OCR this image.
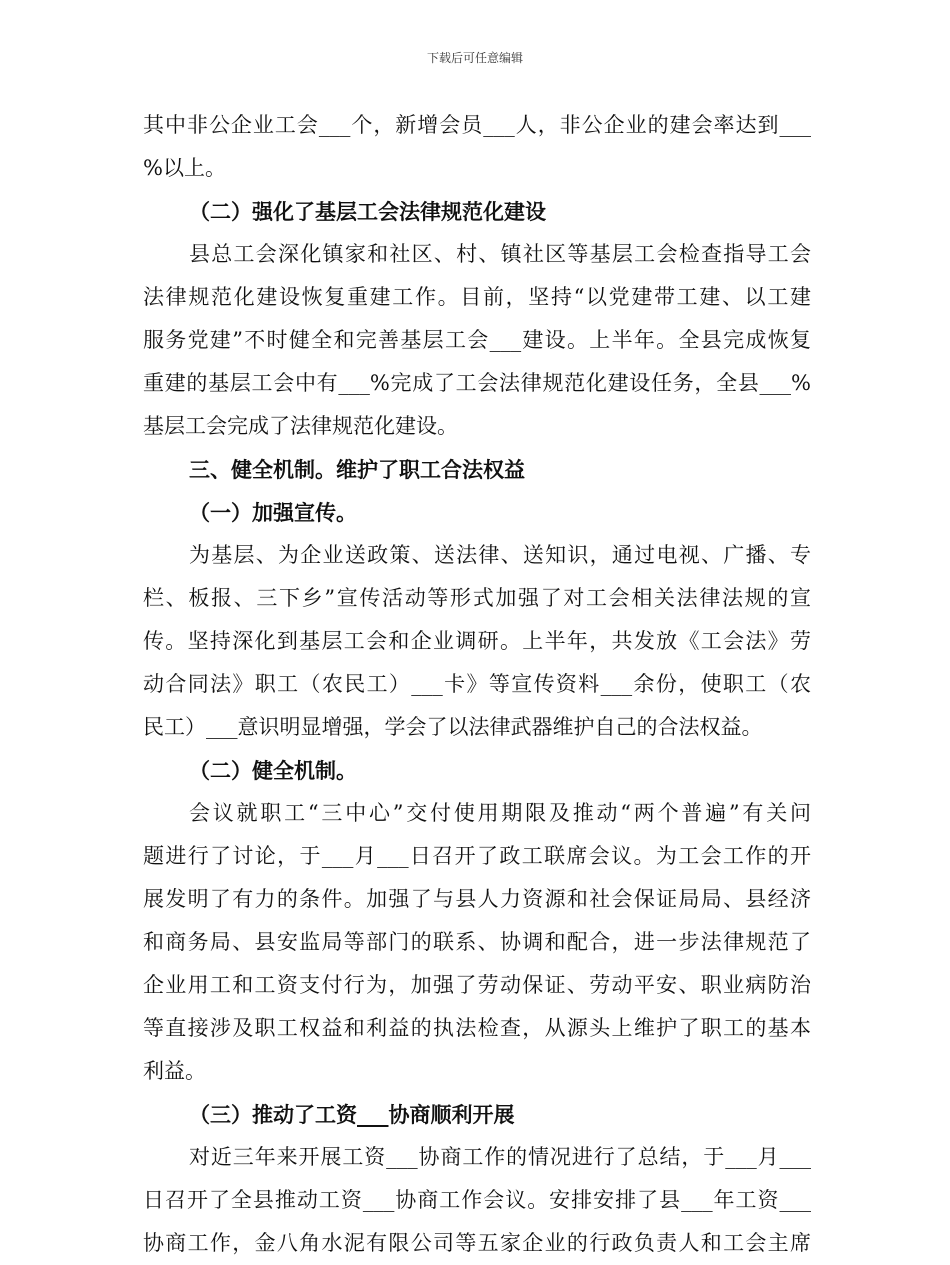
下载后可任意编辑
其中非公企业工会___个，新增会员___人，非公企业的建会率达到___
%以上。
（二）强化了基层工会法律规范化建设
县总工会深化镇家和社区、村、镇社区等基层工会检查指导工会
法律规范化建设恢复重建工作。目前，坚持“以党建带工建、以工建
服务党建”不时健全和完善基层工会___建设。上半年。全县完成恢复
重建的基层工会中有___%完成了工会法律规范化建设任务，全县___%
基层工会完成了法律规范化建设。
三、健全机制。维护了职工合法权益
（一）加强宣传。
为基层、为企业送政策、送法律、送知识，通过电视、广播、专
栏、板报、三下乡”宣传活动等形式加强了对工会相关法律法规的宣
传。坚持深化到基层工会和企业调研。上半年，共发放《工会法》劳
动合同法》职工（农民工）___卡》等宣传资料___余份，使职工（农
民工）___意识明显增强，学会了以法律武器维护自己的合法权益。
（二）健全机制。
会议就职工“三中心”交付使用期限及推动“两个普遍”有关问
题进行了讨论，于___月___日召开了政工联席会议。为工会工作的开
展发明了有力的条件。加强了与县人力资源和社会保证局局、县经济
和商务局、县安监局等部门的联系、协调和配合，进一步法律规范了
企业用工和工资支付行为，加强了劳动保证、劳动平安、职业病防治
等直接涉及职工权益和利益的执法检查，从源头上维护了职工的基本
利益。
（三）推动了工资___协商顺利开展
对近三年来开展工资___协商工作的情况进行了总结，于___月___
日召开了全县推动工资___协商工作会议。安排安排了县___年工资___
协商工作，金八角水泥有限公司等五家企业的行政负责人和工会主席
